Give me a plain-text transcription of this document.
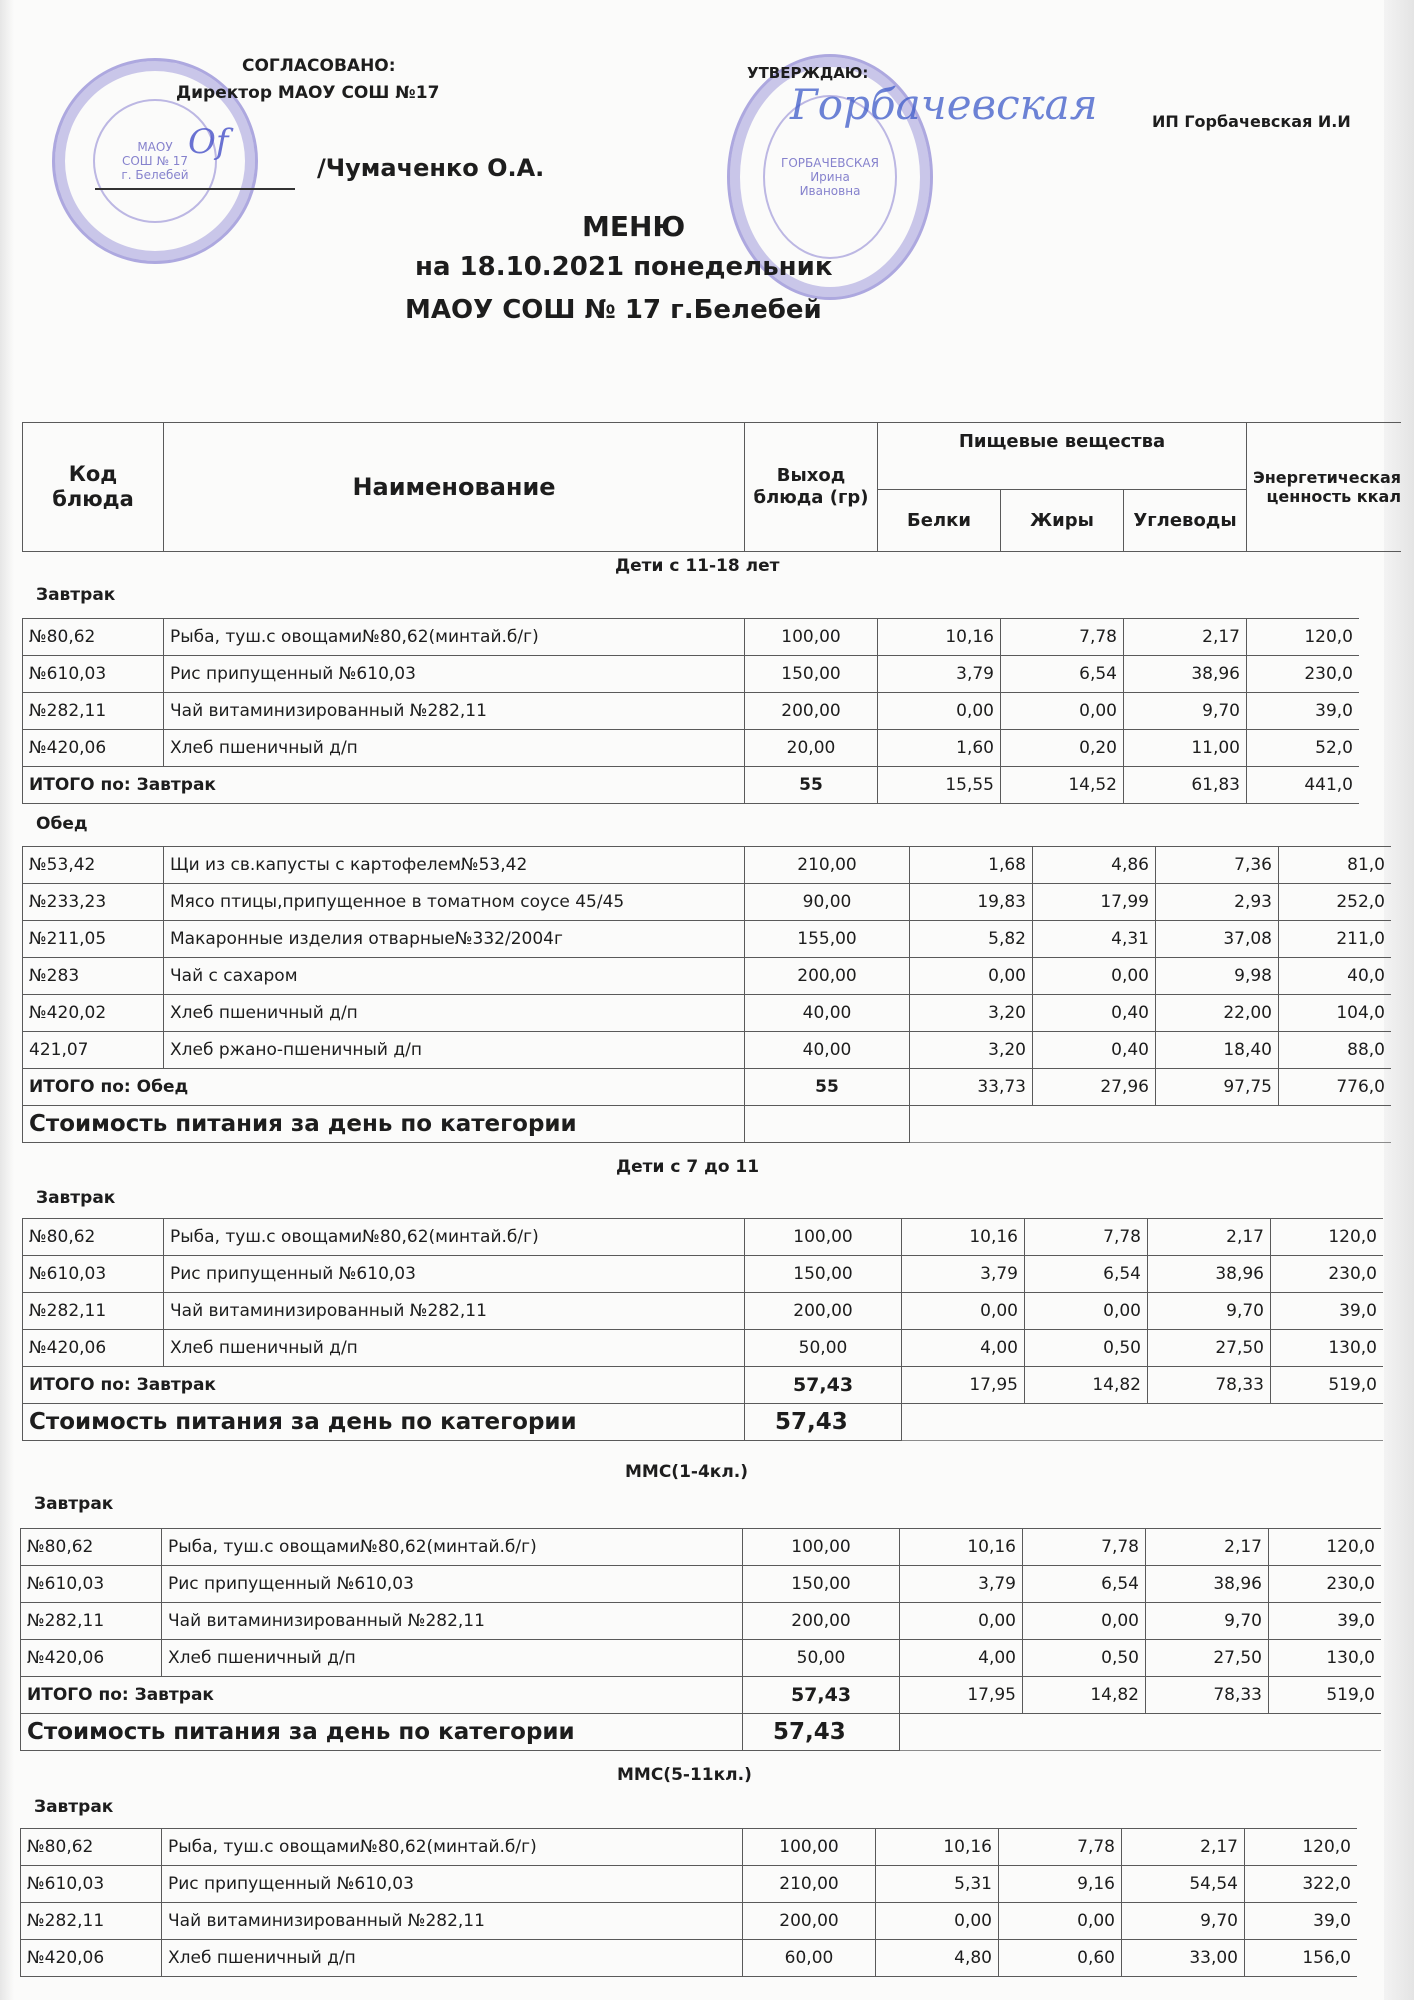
МАОУ
СОШ № 17
г. Белебей
СОГЛАСОВАНО:
Директор МАОУ СОШ №17
Of
/Чумаченко О.А.	ГОРБАЧЕВСКАЯ
Ирина
Ивановна
УТВЕРЖДАЮ:
Горбачевская	ИП Горбачевская И.И
МЕНЮ
на 18.10.2021 понедельник
МАОУ СОШ № 17 г.Белебей
Код блюда	Наименование	Выход блюда (гр)	Пищевые вещества			Энергетическая ценность ккал
			Белки	Жиры	Углеводы	
Дети с 11-18 лет
Завтрак
№80,62	Рыба, туш.с овощами№80,62(минтай.б/г)	100,00	10,16	7,78	2,17	120,0
№610,03	Рис припущенный №610,03	150,00	3,79	6,54	38,96	230,0
№282,11	Чай витаминизированный №282,11	200,00	0,00	0,00	9,70	39,0
№420,06	Хлеб пшеничный д/п	20,00	1,60	0,20	11,00	52,0
ИТОГО по: Завтрак		55	15,55	14,52	61,83	441,0
Обед
№53,42	Щи из св.капусты с картофелем№53,42	210,00	1,68	4,86	7,36	81,0
№233,23	Мясо птицы,припущенное в томатном соусе 45/45	90,00	19,83	17,99	2,93	252,0
№211,05	Макаронные изделия отварные№332/2004г	155,00	5,82	4,31	37,08	211,0
№283	Чай с сахаром	200,00	0,00	0,00	9,98	40,0
№420,02	Хлеб пшеничный д/п	40,00	3,20	0,40	22,00	104,0
421,07	Хлеб ржано-пшеничный д/п	40,00	3,20	0,40	18,40	88,0
ИТОГО по: Обед		55	33,73	27,96	97,75	776,0
Стоимость питания за день по категории						
Дети с 7 до 11
Завтрак
№80,62	Рыба, туш.с овощами№80,62(минтай.б/г)	100,00	10,16	7,78	2,17	120,0
№610,03	Рис припущенный №610,03	150,00	3,79	6,54	38,96	230,0
№282,11	Чай витаминизированный №282,11	200,00	0,00	0,00	9,70	39,0
№420,06	Хлеб пшеничный д/п	50,00	4,00	0,50	27,50	130,0
ИТОГО по: Завтрак		57,43	17,95	14,82	78,33	519,0
Стоимость питания за день по категории		57,43				
ММС(1-4кл.)
Завтрак
№80,62	Рыба, туш.с овощами№80,62(минтай.б/г)	100,00	10,16	7,78	2,17	120,0
№610,03	Рис припущенный №610,03	150,00	3,79	6,54	38,96	230,0
№282,11	Чай витаминизированный №282,11	200,00	0,00	0,00	9,70	39,0
№420,06	Хлеб пшеничный д/п	50,00	4,00	0,50	27,50	130,0
ИТОГО по: Завтрак		57,43	17,95	14,82	78,33	519,0
Стоимость питания за день по категории		57,43				
ММС(5-11кл.)
Завтрак
№80,62	Рыба, туш.с овощами№80,62(минтай.б/г)	100,00	10,16	7,78	2,17	120,0
№610,03	Рис припущенный №610,03	210,00	5,31	9,16	54,54	322,0
№282,11	Чай витаминизированный №282,11	200,00	0,00	0,00	9,70	39,0
№420,06	Хлеб пшеничный д/п	60,00	4,80	0,60	33,00	156,0
